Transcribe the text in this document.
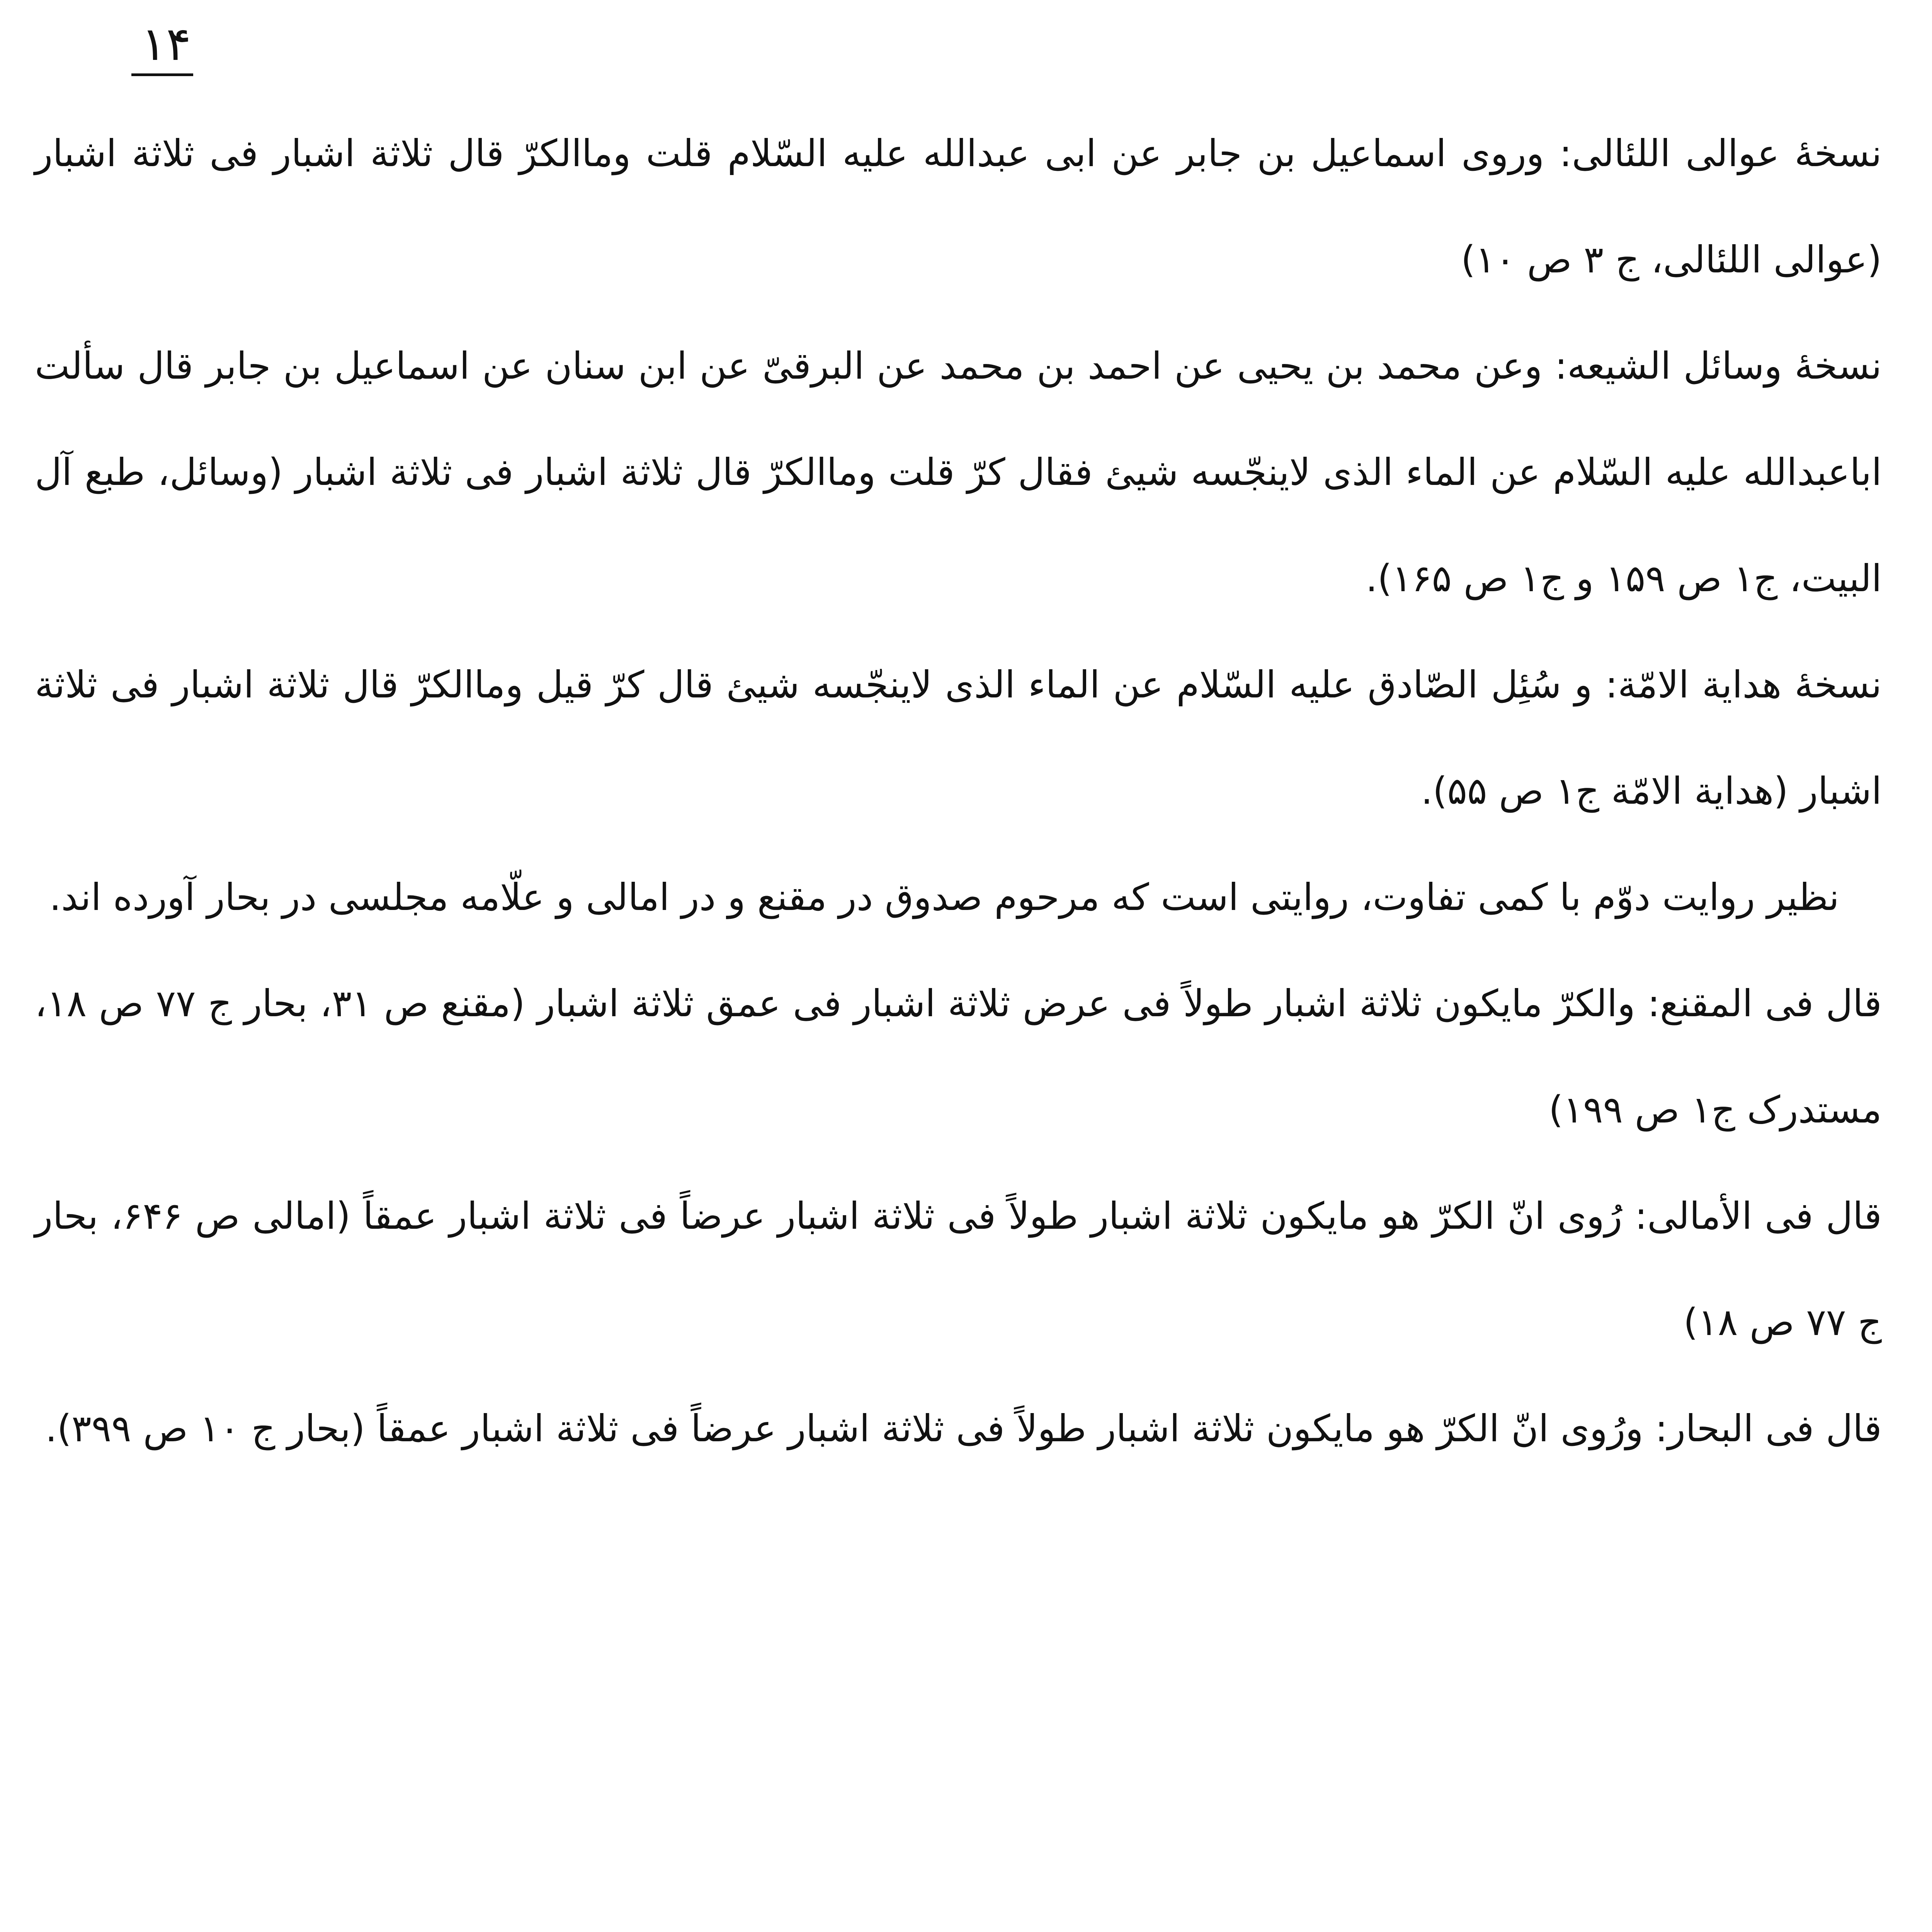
۱۴

نسخهٔ عوالی اللئالی: وروی اسماعیل بن جابر عن ابی عبدالله علیه السّلام قلت وماالکرّ قال ثلاثة اشبار فی ثلاثة اشبار (عوالی اللئالی، ج ۳ ص ۱۰)

نسخهٔ وسائل الشیعه: وعن محمد بن یحیی عن احمد بن محمد عن البرقیّ عن ابن سنان عن اسماعیل بن جابر قال سألت اباعبدالله علیه السّلام عن الماء الذی لاینجّسه شیئ فقال کرّ قلت وماالکرّ قال ثلاثة اشبار فی ثلاثة اشبار (وسائل، طبع آل البیت، ج۱ ص ۱۵۹ و ج۱ ص ۱۶۵).

نسخهٔ هدایة الامّة: و سُئِل الصّادق علیه السّلام عن الماء الذی لاینجّسه شیئ قال کرّ قیل وماالکرّ قال ثلاثة اشبار فی ثلاثة اشبار (هدایة الامّة ج۱ ص ۵۵).

نظیر روایت دوّم با کمی تفاوت، روایتی است که مرحوم صدوق در مقنع و در امالی و علّامه مجلسی در بحار آورده اند.

قال فی المقنع: والکرّ مایکون ثلاثة اشبار طولاً فی عرض ثلاثة اشبار فی عمق ثلاثة اشبار (مقنع ص ۳۱، بحار ج ۷۷ ص ۱۸، مستدرک ج۱ ص ۱۹۹)

قال فی الأمالی: رُوی انّ الکرّ هو مایکون ثلاثة اشبار طولاً فی ثلاثة اشبار عرضاً فی ثلاثة اشبار عمقاً (امالی ص ۶۴۶، بحار ج ۷۷ ص ۱۸)

قال فی البحار: ورُوی انّ الکرّ هو مایکون ثلاثة اشبار طولاً فی ثلاثة اشبار عرضاً فی ثلاثة اشبار عمقاً (بحار ج ۱۰ ص ۳۹۹).
